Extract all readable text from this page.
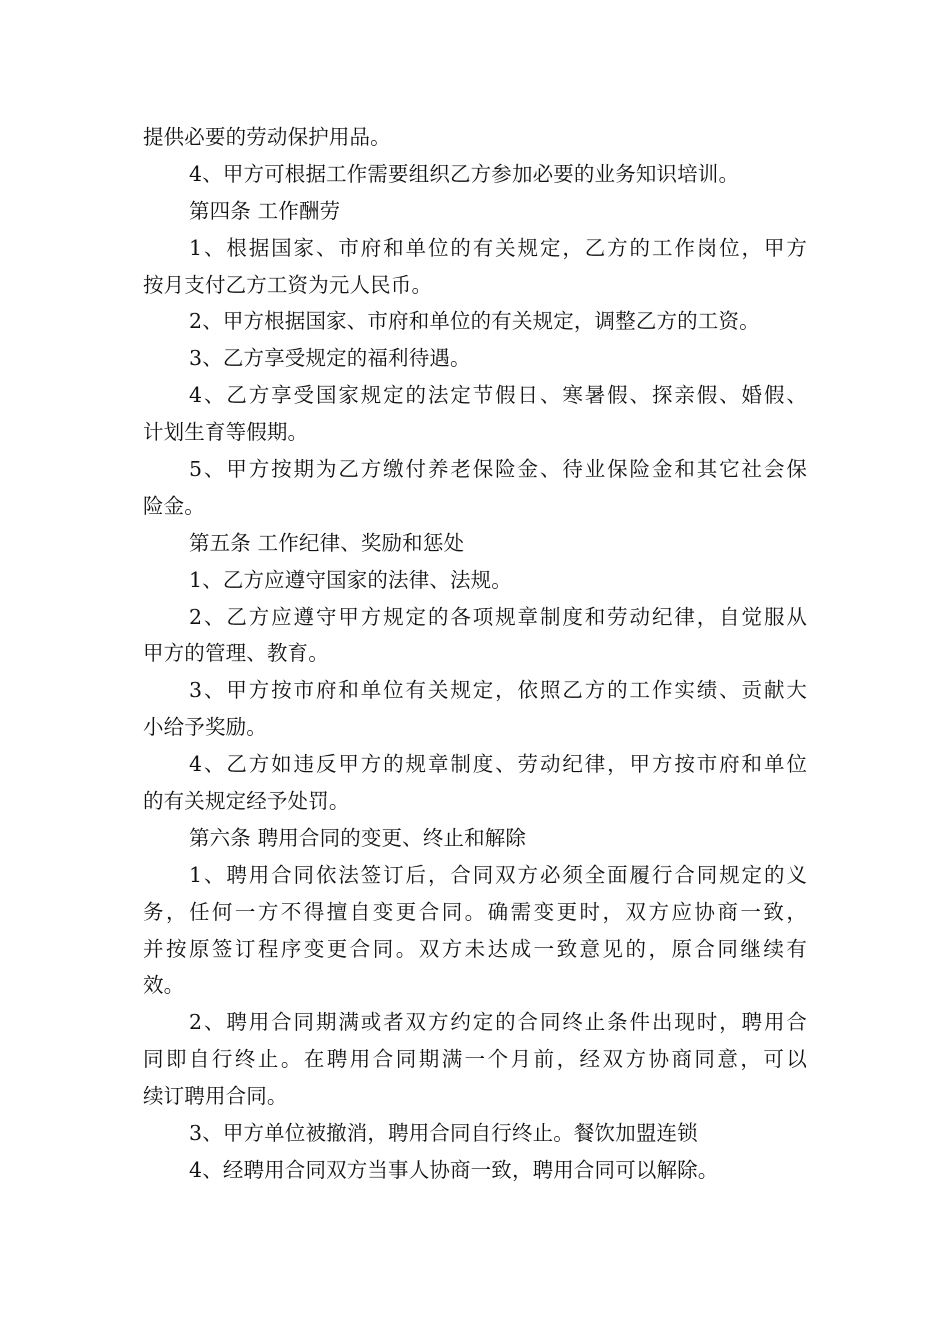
提供必要的劳动保护用品。
4、甲方可根据工作需要组织乙方参加必要的业务知识培训。
第四条 工作酬劳
1、根据国家、市府和单位的有关规定，乙方的工作岗位，甲方
按月支付乙方工资为元人民币。
2、甲方根据国家、市府和单位的有关规定，调整乙方的工资。
3、乙方享受规定的福利待遇。
4、乙方享受国家规定的法定节假日、寒暑假、探亲假、婚假、
计划生育等假期。
5、甲方按期为乙方缴付养老保险金、待业保险金和其它社会保
险金。
第五条 工作纪律、奖励和惩处
1、乙方应遵守国家的法律、法规。
2、乙方应遵守甲方规定的各项规章制度和劳动纪律，自觉服从
甲方的管理、教育。
3、甲方按市府和单位有关规定，依照乙方的工作实绩、贡献大
小给予奖励。
4、乙方如违反甲方的规章制度、劳动纪律，甲方按市府和单位
的有关规定经予处罚。
第六条 聘用合同的变更、终止和解除
1、聘用合同依法签订后，合同双方必须全面履行合同规定的义
务，任何一方不得擅自变更合同。确需变更时，双方应协商一致，
并按原签订程序变更合同。双方未达成一致意见的，原合同继续有
效。
2、聘用合同期满或者双方约定的合同终止条件出现时，聘用合
同即自行终止。在聘用合同期满一个月前，经双方协商同意，可以
续订聘用合同。
3、甲方单位被撤消，聘用合同自行终止。餐饮加盟连锁
4、经聘用合同双方当事人协商一致，聘用合同可以解除。
